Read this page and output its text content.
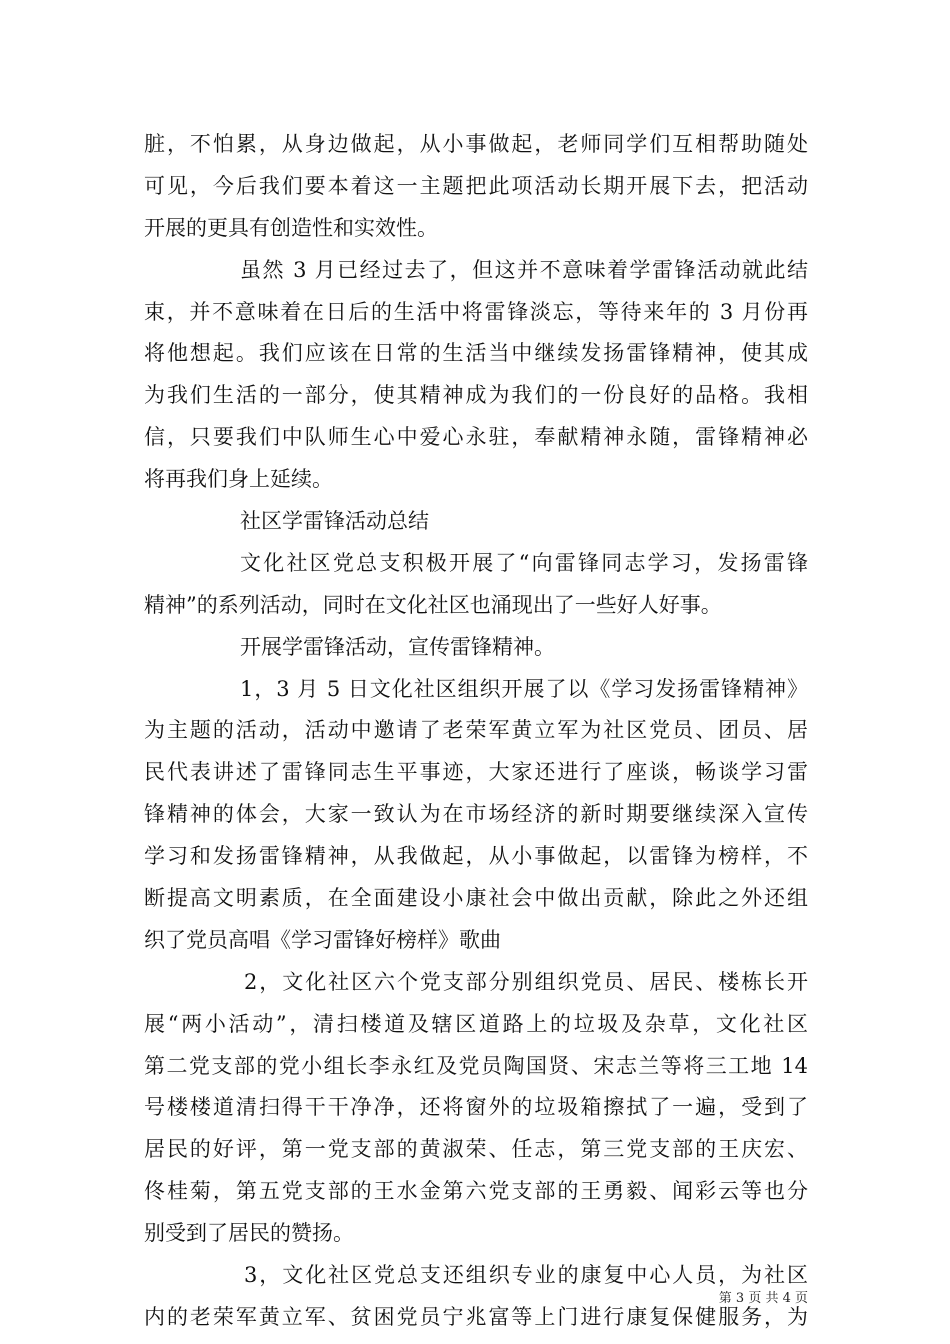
脏，不怕累，从身边做起，从小事做起，老师同学们互相帮助随处
可见，今后我们要本着这一主题把此项活动长期开展下去，把活动
开展的更具有创造性和实效性。
虽然 3 月已经过去了，但这并不意味着学雷锋活动就此结
束，并不意味着在日后的生活中将雷锋淡忘，等待来年的 3 月份再
将他想起。我们应该在日常的生活当中继续发扬雷锋精神，使其成
为我们生活的一部分，使其精神成为我们的一份良好的品格。我相
信，只要我们中队师生心中爱心永驻，奉献精神永随，雷锋精神必
将再我们身上延续。
社区学雷锋活动总结
文化社区党总支积极开展了“向雷锋同志学习，发扬雷锋
精神”的系列活动，同时在文化社区也涌现出了一些好人好事。
开展学雷锋活动，宣传雷锋精神。
1，3 月 5 日文化社区组织开展了以《学习发扬雷锋精神》
为主题的活动，活动中邀请了老荣军黄立军为社区党员、团员、居
民代表讲述了雷锋同志生平事迹，大家还进行了座谈，畅谈学习雷
锋精神的体会，大家一致认为在市场经济的新时期要继续深入宣传
学习和发扬雷锋精神，从我做起，从小事做起，以雷锋为榜样，不
断提高文明素质，在全面建设小康社会中做出贡献，除此之外还组
织了党员高唱《学习雷锋好榜样》歌曲
2，文化社区六个党支部分别组织党员、居民、楼栋长开
展“两小活动”，清扫楼道及辖区道路上的垃圾及杂草，文化社区
第二党支部的党小组长李永红及党员陶国贤、宋志兰等将三工地 14
号楼楼道清扫得干干净净，还将窗外的垃圾箱擦拭了一遍，受到了
居民的好评，第一党支部的黄淑荣、任志，第三党支部的王庆宏、
佟桂菊，第五党支部的王水金第六党支部的王勇毅、闻彩云等也分
别受到了居民的赞扬。
3，文化社区党总支还组织专业的康复中心人员，为社区
内的老荣军黄立军、贫困党员宁兆富等上门进行康复保健服务，为
第 3 页 共 4 页
